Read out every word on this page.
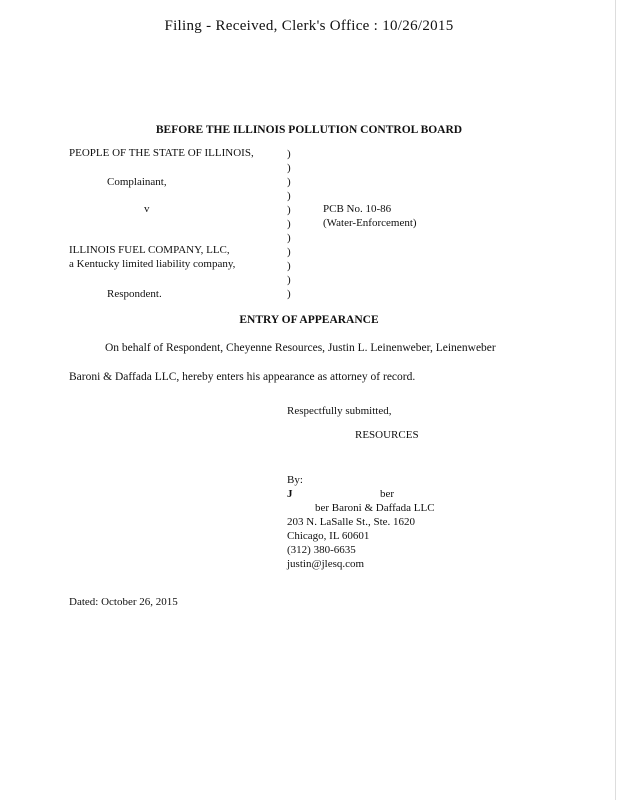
Filing - Received, Clerk's Office : 10/26/2015
BEFORE THE ILLINOIS POLLUTION CONTROL BOARD
PEOPLE OF THE STATE OF ILLINOIS,
Complainant,
v
ILLINOIS FUEL COMPANY, LLC,
a Kentucky limited liability company,
Respondent.
)
)
)
)
)
)
)
)
)
)
)
PCB No. 10-86
(Water-Enforcement)
ENTRY OF APPEARANCE
On behalf of Respondent, Cheyenne Resources, Justin L. Leinenweber, Leinenweber
Baroni & Daffada LLC, hereby enters his appearance as attorney of record.
Respectfully submitted,
RESOURCES
By:
J	ber
ber Baroni & Daffada LLC
203 N. LaSalle St., Ste. 1620
Chicago, IL 60601
(312) 380-6635
justin@jlesq.com
Dated: October 26, 2015
